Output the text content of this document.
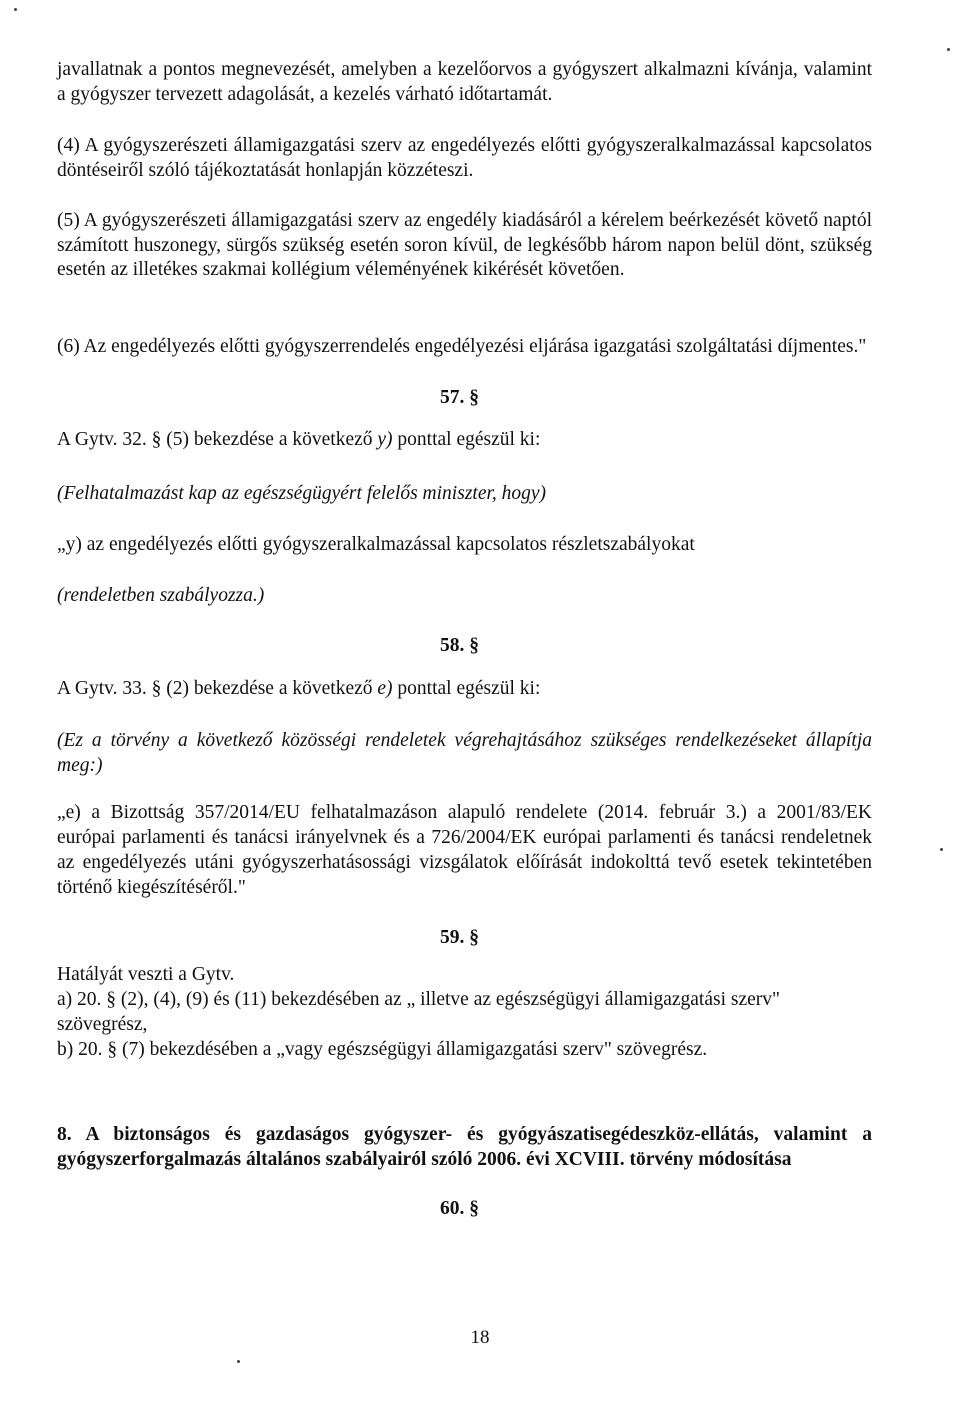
javallatnak a pontos megnevezését, amelyben a kezelőorvos a gyógyszert alkalmazni kívánja, valamint a gyógyszer tervezett adagolását, a kezelés várható időtartamát.

(4) A gyógyszerészeti államigazgatási szerv az engedélyezés előtti gyógyszeralkalmazással kapcsolatos döntéseiről szóló tájékoztatását honlapján közzéteszi.

(5) A gyógyszerészeti államigazgatási szerv az engedély kiadásáról a kérelem beérkezését követő naptól számított huszonegy, sürgős szükség esetén soron kívül, de legkésőbb három napon belül dönt, szükség esetén az illetékes szakmai kollégium véleményének kikérését követően.

(6) Az engedélyezés előtti gyógyszerrendelés engedélyezési eljárása igazgatási szolgáltatási díjmentes."

57. §

A Gytv. 32. § (5) bekezdése a következő y) ponttal egészül ki:

(Felhatalmazást kap az egészségügyért felelős miniszter, hogy)

„y) az engedélyezés előtti gyógyszeralkalmazással kapcsolatos részletszabályokat

(rendeletben szabályozza.)

58. §

A Gytv. 33. § (2) bekezdése a következő e) ponttal egészül ki:

(Ez a törvény a következő közösségi rendeletek végrehajtásához szükséges rendelkezéseket állapítja meg:)

„e) a Bizottság 357/2014/EU felhatalmazáson alapuló rendelete (2014. február 3.) a 2001/83/EK európai parlamenti és tanácsi irányelvnek és a 726/2004/EK európai parlamenti és tanácsi rendeletnek az engedélyezés utáni gyógyszerhatásossági vizsgálatok előírását indokolttá tevő esetek tekintetében történő kiegészítéséről."

59. §

Hatályát veszti a Gytv.

a) 20. § (2), (4), (9) és (11) bekezdésében az „ illetve az egészségügyi államigazgatási szerv" szövegrész,

b) 20. § (7) bekezdésében a „vagy egészségügyi államigazgatási szerv" szövegrész.

8. A biztonságos és gazdaságos gyógyszer- és gyógyászatisegédeszköz-ellátás, valamint a gyógyszerforgalmazás általános szabályairól szóló 2006. évi XCVIII. törvény módosítása

60. §

18
